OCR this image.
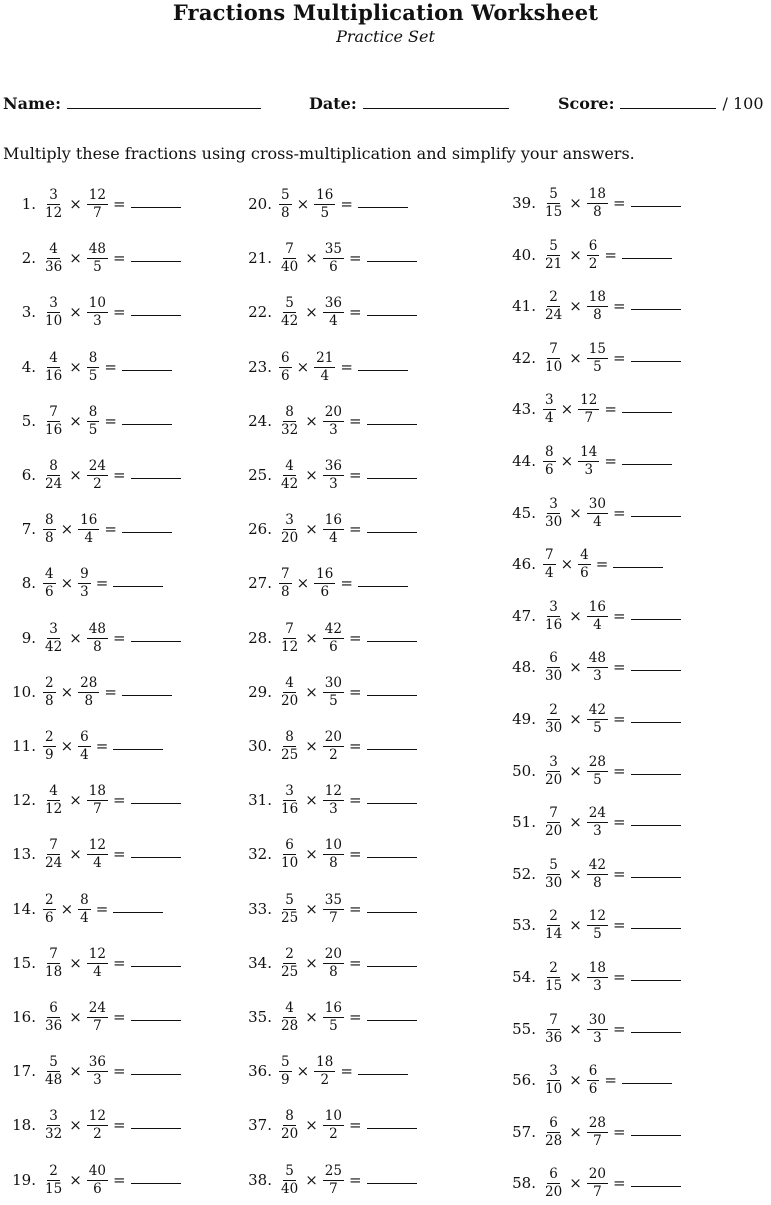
Fractions Multiplication Worksheet
Practice Set
Name:	Date:	Score:	/ 100
Multiply these fractions using cross-multiplication and simplify your answers.
1. $\frac{3}{12} \times \frac{12}{7}$ =
2. $\frac{4}{36} \times \frac{48}{5}$ =
3. $\frac{3}{10} \times \frac{10}{3}$ =
4. $\frac{4}{16} \times \frac{8}{5}$ =
5. $\frac{7}{16} \times \frac{8}{5}$ =
6. $\frac{8}{24} \times \frac{24}{2}$ =
7. $\frac{8}{8} \times \frac{16}{4}$ =
8. $\frac{4}{6} \times \frac{9}{3}$ =
9. $\frac{3}{42} \times \frac{48}{8}$ =
10. $\frac{2}{8} \times \frac{28}{8}$ =
11. $\frac{2}{9} \times \frac{6}{4}$ =
12. $\frac{4}{12} \times \frac{18}{7}$ =
13. $\frac{7}{24} \times \frac{12}{4}$ =
14. $\frac{2}{6} \times \frac{8}{4}$ =
15. $\frac{7}{18} \times \frac{12}{4}$ =
16. $\frac{6}{36} \times \frac{24}{7}$ =
17. $\frac{5}{48} \times \frac{36}{3}$ =
18. $\frac{3}{32} \times \frac{12}{2}$ =
19. $\frac{2}{15} \times \frac{40}{6}$ =
20. $\frac{5}{8} \times \frac{16}{5}$ =
21. $\frac{7}{40} \times \frac{35}{6}$ =
22. $\frac{5}{42} \times \frac{36}{4}$ =
23. $\frac{6}{6} \times \frac{21}{4}$ =
24. $\frac{8}{32} \times \frac{20}{3}$ =
25. $\frac{4}{42} \times \frac{36}{3}$ =
26. $\frac{3}{20} \times \frac{16}{4}$ =
27. $\frac{7}{8} \times \frac{16}{6}$ =
28. $\frac{7}{12} \times \frac{42}{6}$ =
29. $\frac{4}{20} \times \frac{30}{5}$ =
30. $\frac{8}{25} \times \frac{20}{2}$ =
31. $\frac{3}{16} \times \frac{12}{3}$ =
32. $\frac{6}{10} \times \frac{10}{8}$ =
33. $\frac{5}{25} \times \frac{35}{7}$ =
34. $\frac{2}{25} \times \frac{20}{8}$ =
35. $\frac{4}{28} \times \frac{16}{5}$ =
36. $\frac{5}{9} \times \frac{18}{2}$ =
37. $\frac{8}{20} \times \frac{10}{2}$ =
38. $\frac{5}{40} \times \frac{25}{7}$ =
39. $\frac{5}{15} \times \frac{18}{8}$ =
40. $\frac{5}{21} \times \frac{6}{2}$ =
41. $\frac{2}{24} \times \frac{18}{8}$ =
42. $\frac{7}{10} \times \frac{15}{5}$ =
43. $\frac{3}{4} \times \frac{12}{7}$ =
44. $\frac{8}{6} \times \frac{14}{3}$ =
45. $\frac{3}{30} \times \frac{30}{4}$ =
46. $\frac{7}{4} \times \frac{4}{6}$ =
47. $\frac{3}{16} \times \frac{16}{4}$ =
48. $\frac{6}{30} \times \frac{48}{3}$ =
49. $\frac{2}{30} \times \frac{42}{5}$ =
50. $\frac{3}{20} \times \frac{28}{5}$ =
51. $\frac{7}{20} \times \frac{24}{3}$ =
52. $\frac{5}{30} \times \frac{42}{8}$ =
53. $\frac{2}{14} \times \frac{12}{5}$ =
54. $\frac{2}{15} \times \frac{18}{3}$ =
55. $\frac{7}{36} \times \frac{30}{3}$ =
56. $\frac{3}{10} \times \frac{6}{6}$ =
57. $\frac{6}{28} \times \frac{28}{7}$ =
58. $\frac{6}{20} \times \frac{20}{7}$ =
